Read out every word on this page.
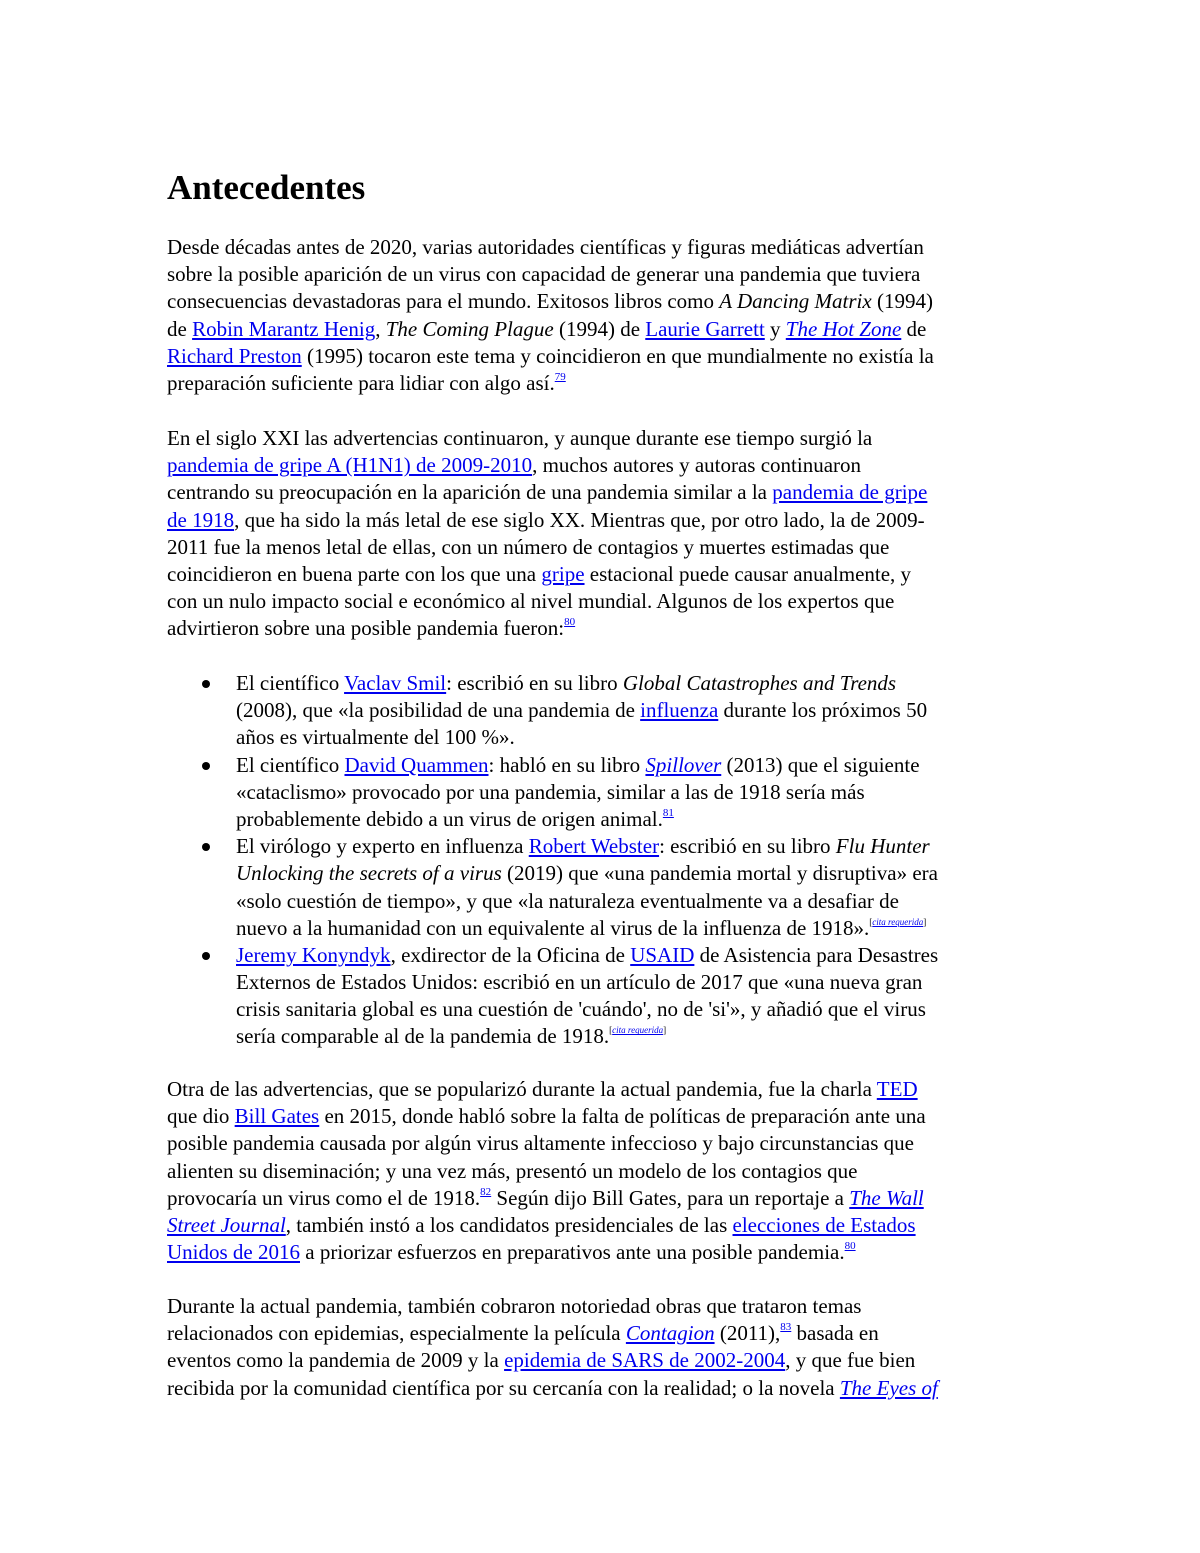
Antecedentes
Desde décadas antes de 2020, varias autoridades científicas y figuras mediáticas advertían
sobre la posible aparición de un virus con capacidad de generar una pandemia que tuviera
consecuencias devastadoras para el mundo. Exitosos libros como A Dancing Matrix (1994)
de Robin Marantz Henig, The Coming Plague (1994) de Laurie Garrett y The Hot Zone de
Richard Preston (1995) tocaron este tema y coincidieron en que mundialmente no existía la
preparación suficiente para lidiar con algo así.$^{79}$
En el siglo XXI las advertencias continuaron, y aunque durante ese tiempo surgió la
pandemia de gripe A (H1N1) de 2009-2010, muchos autores y autoras continuaron
centrando su preocupación en la aparición de una pandemia similar a la pandemia de gripe
de 1918, que ha sido la más letal de ese siglo XX. Mientras que, por otro lado, la de 2009-
2011 fue la menos letal de ellas, con un número de contagios y muertes estimadas que
coincidieron en buena parte con los que una gripe estacional puede causar anualmente, y
con un nulo impacto social e económico al nivel mundial. Algunos de los expertos que
advirtieron sobre una posible pandemia fueron:$^{80}$
El científico Vaclav Smil: escribió en su libro Global Catastrophes and Trends
(2008), que «la posibilidad de una pandemia de influenza durante los próximos 50
años es virtualmente del 100 %».
El científico David Quammen: habló en su libro Spillover (2013) que el siguiente
«cataclismo» provocado por una pandemia, similar a las de 1918 sería más
probablemente debido a un virus de origen animal.$^{81}$
El virólogo y experto en influenza Robert Webster: escribió en su libro Flu Hunter
Unlocking the secrets of a virus (2019) que «una pandemia mortal y disruptiva» era
«solo cuestión de tiempo», y que «la naturaleza eventualmente va a desafiar de
nuevo a la humanidad con un equivalente al virus de la influenza de 1918».[cita requerida]
Jeremy Konyndyk, exdirector de la Oficina de USAID de Asistencia para Desastres
Externos de Estados Unidos: escribió en un artículo de 2017 que «una nueva gran
crisis sanitaria global es una cuestión de 'cuándo', no de 'si'», y añadió que el virus
sería comparable al de la pandemia de 1918.[cita requerida]
Otra de las advertencias, que se popularizó durante la actual pandemia, fue la charla TED
que dio Bill Gates en 2015, donde habló sobre la falta de políticas de preparación ante una
posible pandemia causada por algún virus altamente infeccioso y bajo circunstancias que
alienten su diseminación; y una vez más, presentó un modelo de los contagios que
provocaría un virus como el de 1918.82 Según dijo Bill Gates, para un reportaje a The Wall
Street Journal, también instó a los candidatos presidenciales de las elecciones de Estados
Unidos de 2016 a priorizar esfuerzos en preparativos ante una posible pandemia.$^{80}$
Durante la actual pandemia, también cobraron notoriedad obras que trataron temas
relacionados con epidemias, especialmente la película Contagion (2011),$^{83}$ basada en
eventos como la pandemia de 2009 y la epidemia de SARS de 2002-2004, y que fue bien
recibida por la comunidad científica por su cercanía con la realidad; o la novela The Eyes of
